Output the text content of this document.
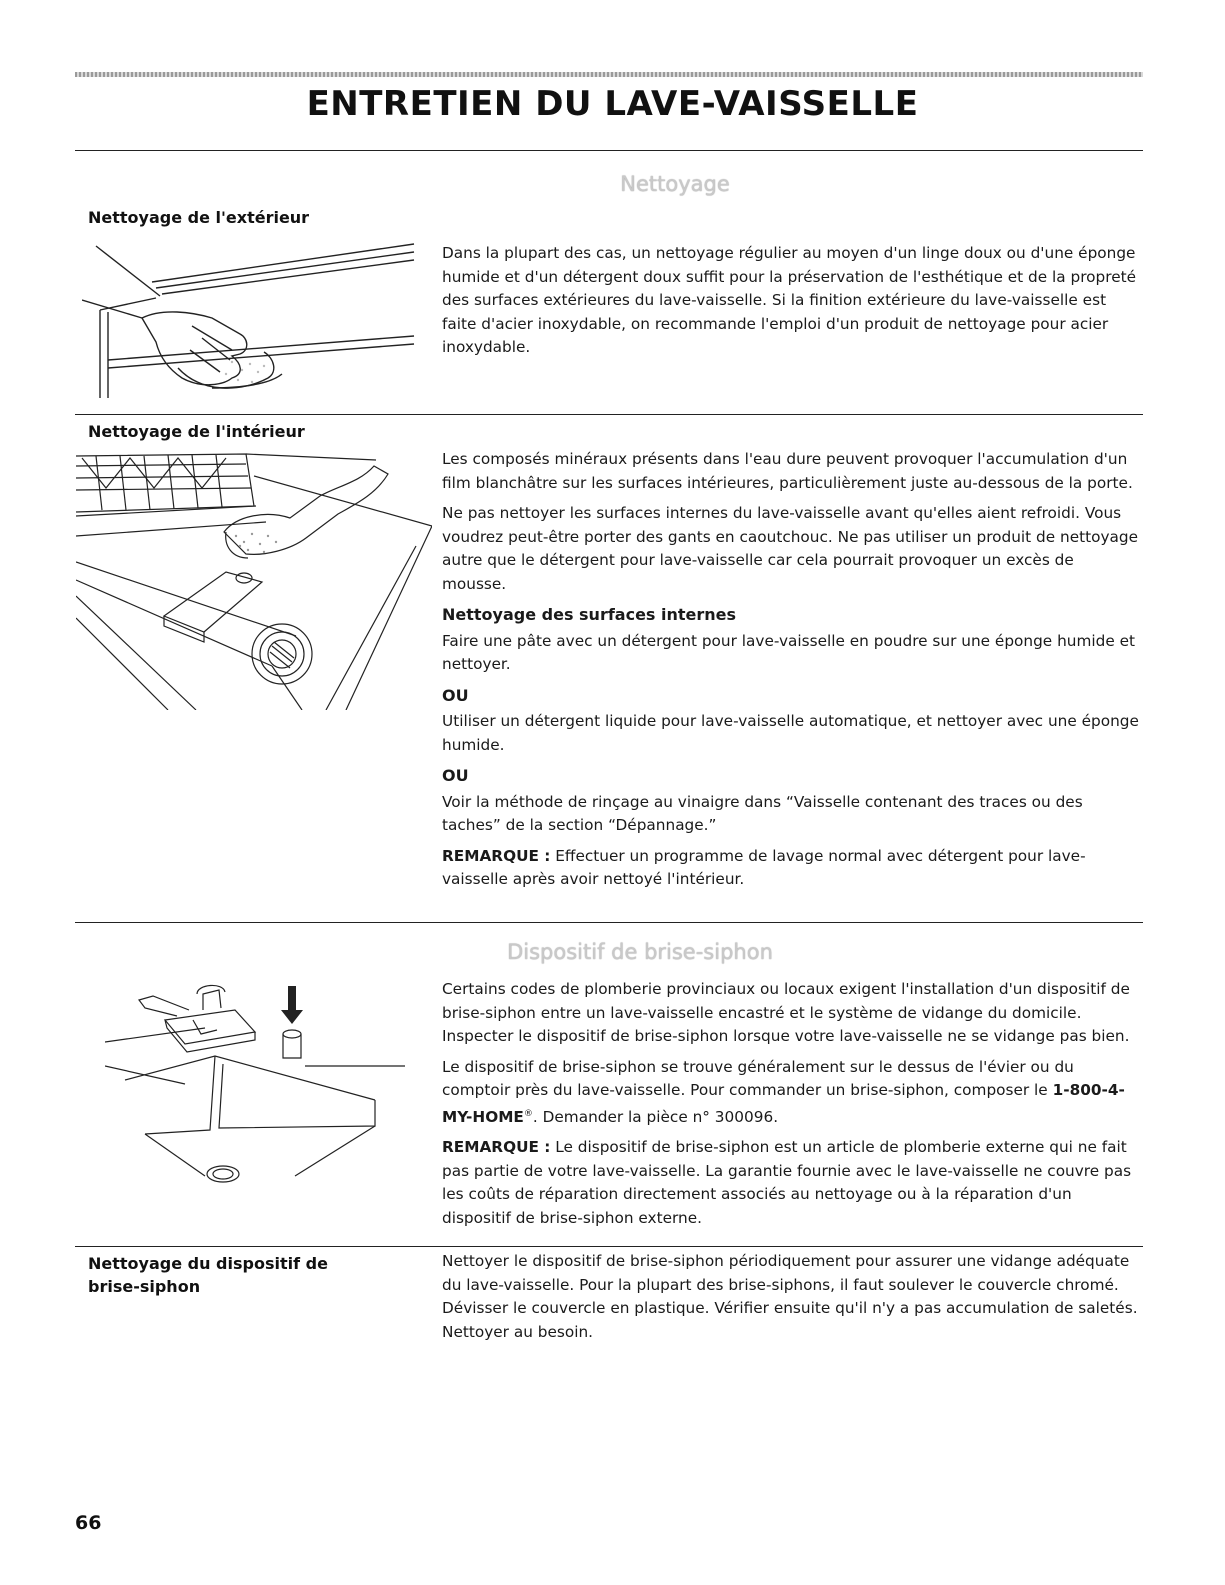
ENTRETIEN DU LAVE-VAISSELLE
Nettoyage
Nettoyage de l'extérieur

Dans la plupart des cas, un nettoyage régulier au moyen d'un linge doux ou d'une éponge humide et d'un détergent doux suffit pour la préservation de l'esthétique et de la propreté des surfaces extérieures du lave-vaisselle. Si la finition extérieure du lave-vaisselle est faite d'acier inoxydable, on recommande l'emploi d'un produit de nettoyage pour acier inoxydable.

Nettoyage de l'intérieur

Les composés minéraux présents dans l'eau dure peuvent provoquer l'accumulation d'un film blanchâtre sur les surfaces intérieures, particulièrement juste au-dessous de la porte.

Ne pas nettoyer les surfaces internes du lave-vaisselle avant qu'elles aient refroidi. Vous voudrez peut-être porter des gants en caoutchouc. Ne pas utiliser un produit de nettoyage autre que le détergent pour lave-vaisselle car cela pourrait provoquer un excès de mousse.

Nettoyage des surfaces internes

Faire une pâte avec un détergent pour lave-vaisselle en poudre sur une éponge humide et nettoyer.

OU

Utiliser un détergent liquide pour lave-vaisselle automatique, et nettoyer avec une éponge humide.

OU

Voir la méthode de rinçage au vinaigre dans “Vaisselle contenant des traces ou des taches” de la section “Dépannage.”

REMARQUE : Effectuer un programme de lavage normal avec détergent pour lave-vaisselle après avoir nettoyé l'intérieur.

Dispositif de brise-siphon

Certains codes de plomberie provinciaux ou locaux exigent l'installation d'un dispositif de brise-siphon entre un lave-vaisselle encastré et le système de vidange du domicile. Inspecter le dispositif de brise-siphon lorsque votre lave-vaisselle ne se vidange pas bien.

Le dispositif de brise-siphon se trouve généralement sur le dessus de l'évier ou du comptoir près du lave-vaisselle. Pour commander un brise-siphon, composer le 1-800-4-MY-HOME®. Demander la pièce n° 300096.

REMARQUE : Le dispositif de brise-siphon est un article de plomberie externe qui ne fait pas partie de votre lave-vaisselle. La garantie fournie avec le lave-vaisselle ne couvre pas les coûts de réparation directement associés au nettoyage ou à la réparation d'un dispositif de brise-siphon externe.

Nettoyage du dispositif de brise-siphon

Nettoyer le dispositif de brise-siphon périodiquement pour assurer une vidange adéquate du lave-vaisselle. Pour la plupart des brise-siphons, il faut soulever le couvercle chromé. Dévisser le couvercle en plastique. Vérifier ensuite qu'il n'y a pas accumulation de saletés. Nettoyer au besoin.

66
